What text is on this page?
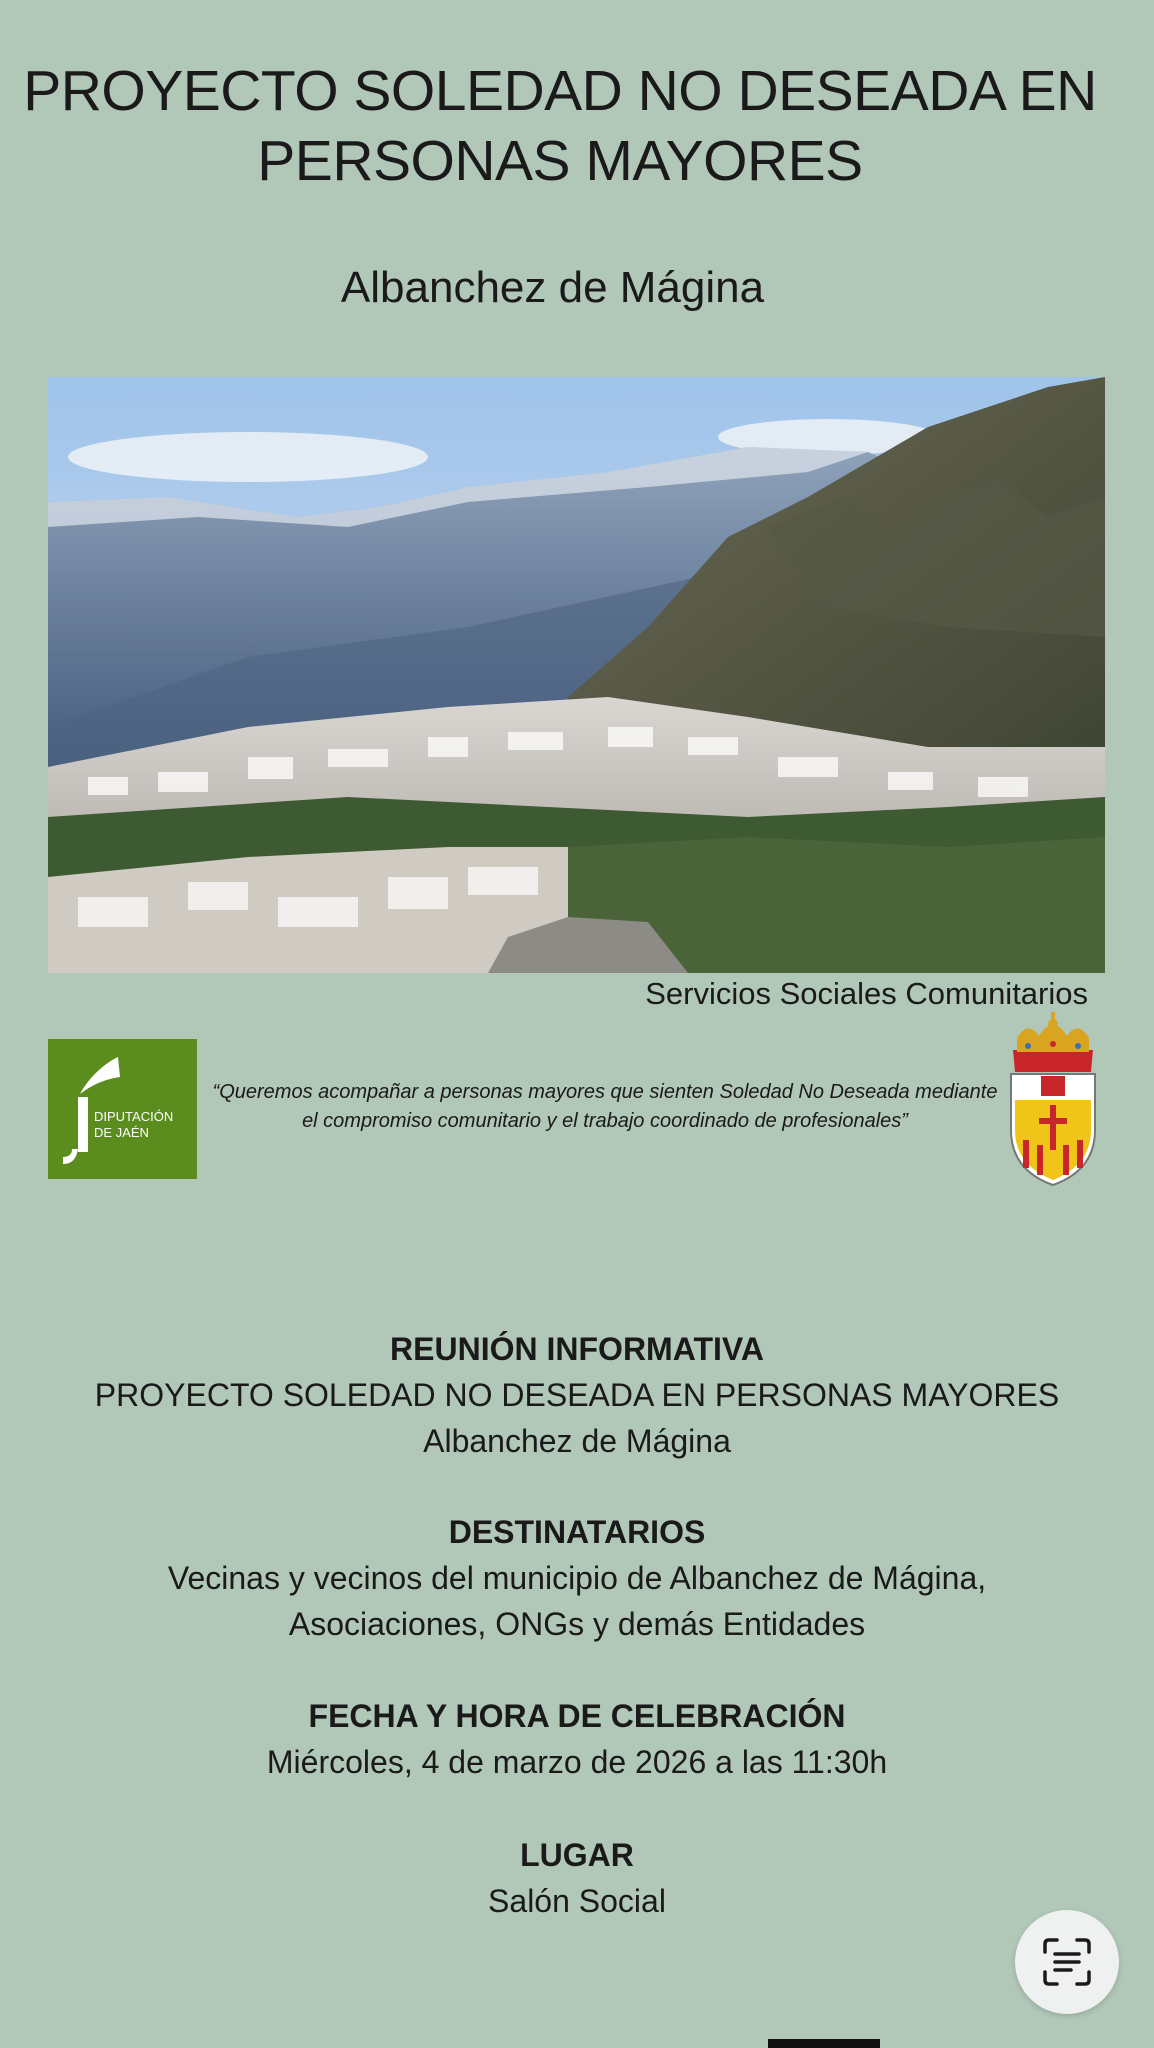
PROYECTO SOLEDAD NO DESEADA EN
PERSONAS MAYORES
Albanchez de Mágina
Servicios Sociales Comunitarios
DIPUTACIÓN
DE JAÉN
“Queremos acompañar a personas mayores que sienten Soledad No Deseada mediante el compromiso comunitario y el trabajo coordinado de profesionales”
REUNIÓN INFORMATIVA
PROYECTO SOLEDAD NO DESEADA EN PERSONAS MAYORES
Albanchez de Mágina
DESTINATARIOS
Vecinas y vecinos del municipio de Albanchez de Mágina,
Asociaciones, ONGs y demás Entidades
FECHA Y HORA DE CELEBRACIÓN
Miércoles, 4 de marzo de 2026 a las 11:30h
LUGAR
Salón Social
